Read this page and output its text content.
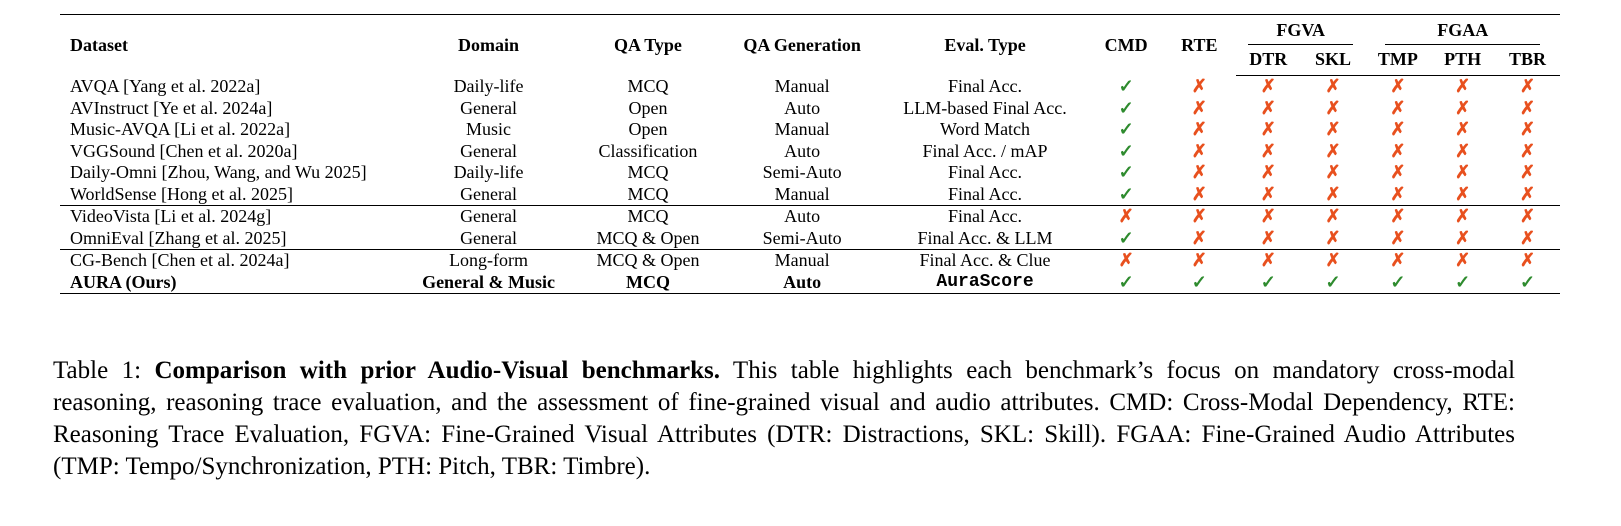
Dataset	Domain	QA Type	QA Generation	Eval. Type	CMD	RTE	FGVA		FGAA		
							DTR	SKL	TMP	PTH	TBR
AVQA [Yang et al. 2022a]	Daily-life	MCQ	Manual	Final Acc.	✓	✗	✗	✗	✗	✗	✗
AVInstruct [Ye et al. 2024a]	General	Open	Auto	LLM-based Final Acc.	✓	✗	✗	✗	✗	✗	✗
Music-AVQA [Li et al. 2022a]	Music	Open	Manual	Word Match	✓	✗	✗	✗	✗	✗	✗
VGGSound [Chen et al. 2020a]	General	Classification	Auto	Final Acc. / mAP	✓	✗	✗	✗	✗	✗	✗
Daily-Omni [Zhou, Wang, and Wu 2025]	Daily-life	MCQ	Semi-Auto	Final Acc.	✓	✗	✗	✗	✗	✗	✗
WorldSense [Hong et al. 2025]	General	MCQ	Manual	Final Acc.	✓	✗	✗	✗	✗	✗	✗
VideoVista [Li et al. 2024g]	General	MCQ	Auto	Final Acc.	✗	✗	✗	✗	✗	✗	✗
OmniEval [Zhang et al. 2025]	General	MCQ & Open	Semi-Auto	Final Acc. & LLM	✓	✗	✗	✗	✗	✗	✗
CG-Bench [Chen et al. 2024a]	Long-form	MCQ & Open	Manual	Final Acc. & Clue	✗	✗	✗	✗	✗	✗	✗
AURA (Ours)	General & Music	MCQ	Auto	AuraScore	✓	✓	✓	✓	✓	✓	✓
Table 1: Comparison with prior Audio-Visual benchmarks. This table highlights each benchmark’s focus on mandatory cross-modal reasoning, reasoning trace evaluation, and the assessment of fine-grained visual and audio attributes. CMD: Cross-Modal Dependency, RTE: Reasoning Trace Evaluation, FGVA: Fine-Grained Visual Attributes (DTR: Distractions, SKL: Skill). FGAA: Fine-Grained Audio Attributes (TMP: Tempo/Synchronization, PTH: Pitch, TBR: Timbre).
